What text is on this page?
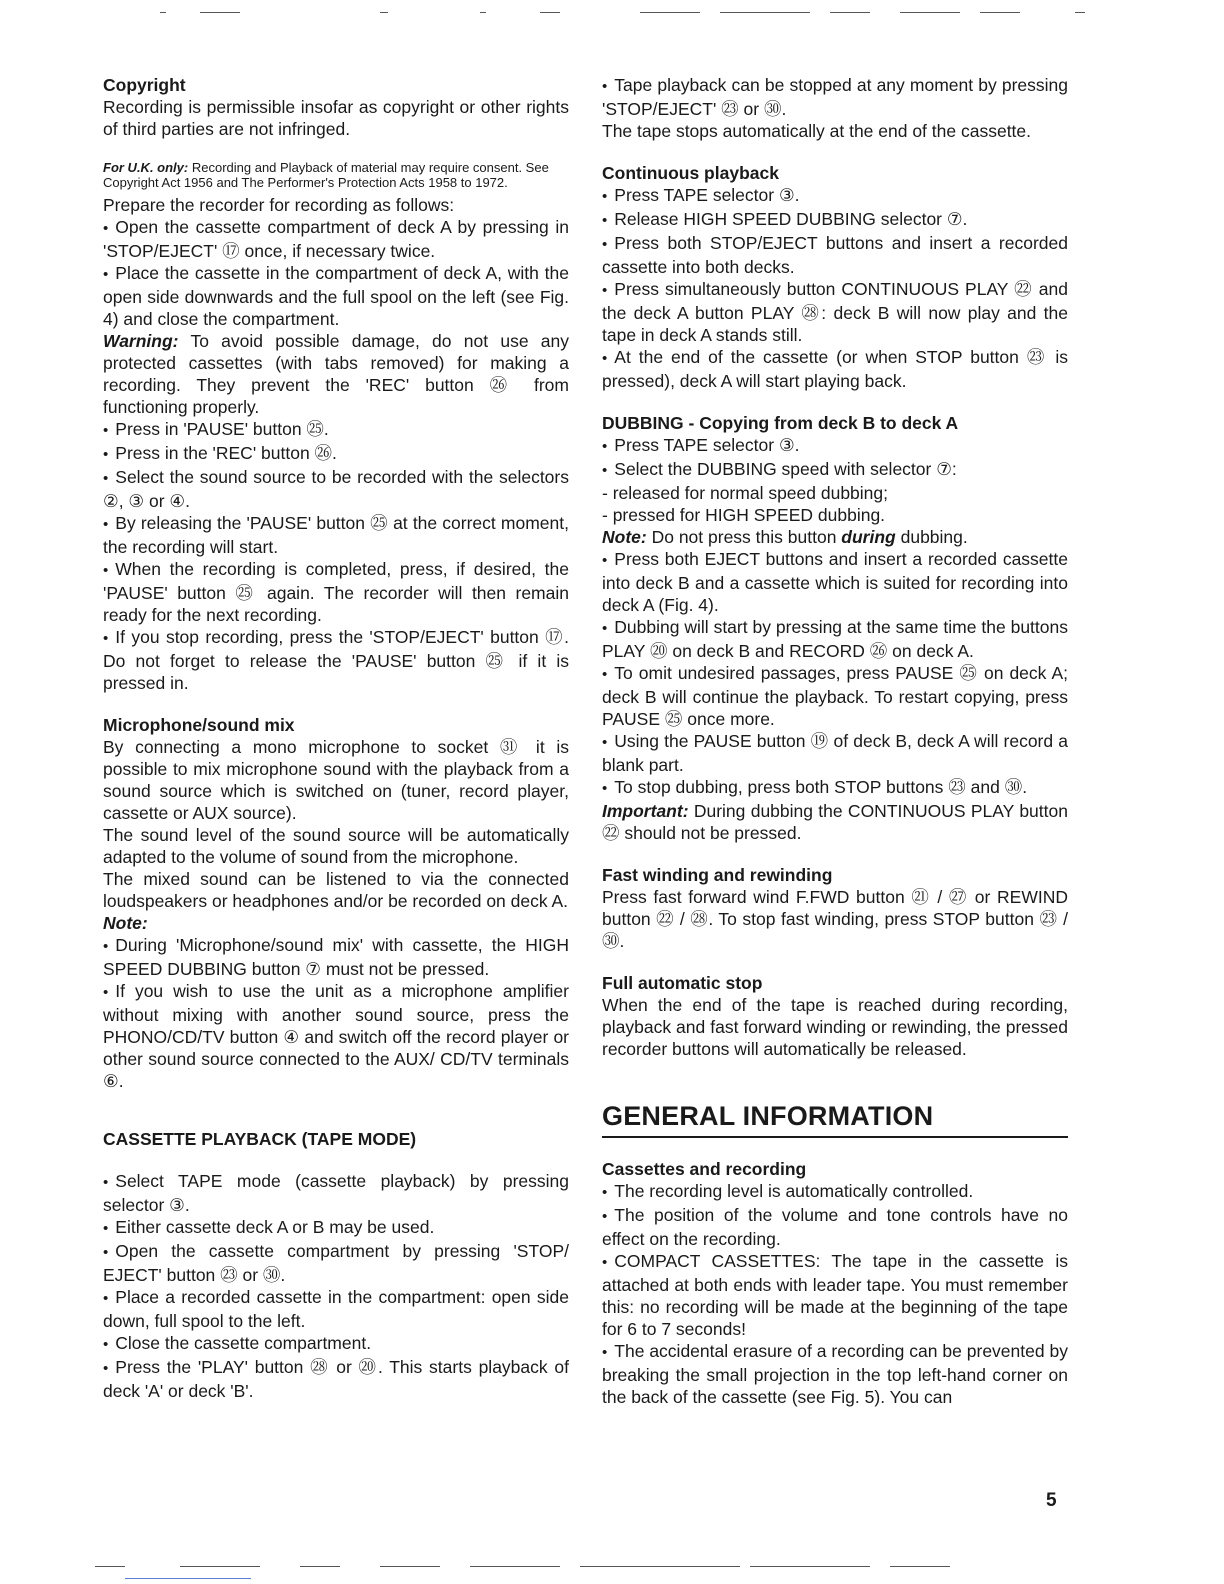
Copyright

Recording is permissible insofar as copyright or other rights of third parties are not infringed.

For U.K. only: Recording and Playback of material may require consent. See Copyright Act 1956 and The Performer's Protection Acts 1958 to 1972.

Prepare the recorder for recording as follows:

• Open the cassette compartment of deck A by pressing in 'STOP/EJECT' ⑰ once, if necessary twice.

• Place the cassette in the compartment of deck A, with the open side downwards and the full spool on the left (see Fig. 4) and close the compartment.

Warning: To avoid possible damage, do not use any protected cassettes (with tabs removed) for making a recording. They prevent the 'REC' button ㉖ from functioning properly.

• Press in 'PAUSE' button ㉕.

• Press in the 'REC' button ㉖.

• Select the sound source to be recorded with the selectors ②, ③ or ④.

• By releasing the 'PAUSE' button ㉕ at the correct moment, the recording will start.

• When the recording is completed, press, if desired, the 'PAUSE' button ㉕ again. The recorder will then remain ready for the next recording.

• If you stop recording, press the 'STOP/EJECT' button ⑰. Do not forget to release the 'PAUSE' button ㉕ if it is pressed in.

Microphone/sound mix

By connecting a mono microphone to socket ㉛ it is possible to mix microphone sound with the playback from a sound source which is switched on (tuner, record player, cassette or AUX source).

The sound level of the sound source will be automatically adapted to the volume of sound from the microphone.

The mixed sound can be listened to via the connected loudspeakers or headphones and/or be recorded on deck A.

Note:

• During 'Microphone/sound mix' with cassette, the HIGH SPEED DUBBING button ⑦ must not be pressed.

• If you wish to use the unit as a microphone amplifier without mixing with another sound source, press the PHONO/CD/TV button ④ and switch off the record player or other sound source connected to the AUX/ CD/TV terminals ⑥.

CASSETTE PLAYBACK (TAPE MODE)

• Select TAPE mode (cassette playback) by pressing selector ③.

• Either cassette deck A or B may be used.

• Open the cassette compartment by pressing 'STOP/ EJECT' button ㉓ or ㉚.

• Place a recorded cassette in the compartment: open side down, full spool to the left.

• Close the cassette compartment.

• Press the 'PLAY' button ㉘ or ⑳. This starts playback of deck 'A' or deck 'B'.

• Tape playback can be stopped at any moment by pressing 'STOP/EJECT' ㉓ or ㉚.

The tape stops automatically at the end of the cassette.

Continuous playback

• Press TAPE selector ③.

• Release HIGH SPEED DUBBING selector ⑦.

• Press both STOP/EJECT buttons and insert a recorded cassette into both decks.

• Press simultaneously button CONTINUOUS PLAY ㉒ and the deck A button PLAY ㉘: deck B will now play and the tape in deck A stands still.

• At the end of the cassette (or when STOP button ㉓ is pressed), deck A will start playing back.

DUBBING - Copying from deck B to deck A

• Press TAPE selector ③.

• Select the DUBBING speed with selector ⑦:

- released for normal speed dubbing;

- pressed for HIGH SPEED dubbing.

Note: Do not press this button during dubbing.

• Press both EJECT buttons and insert a recorded cassette into deck B and a cassette which is suited for recording into deck A (Fig. 4).

• Dubbing will start by pressing at the same time the buttons PLAY ⑳ on deck B and RECORD ㉖ on deck A.

• To omit undesired passages, press PAUSE ㉕ on deck A; deck B will continue the playback. To restart copying, press PAUSE ㉕ once more.

• Using the PAUSE button ⑲ of deck B, deck A will record a blank part.

• To stop dubbing, press both STOP buttons ㉓ and ㉚.

Important: During dubbing the CONTINUOUS PLAY button ㉒ should not be pressed.

Fast winding and rewinding

Press fast forward wind F.FWD button ㉑ / ㉗ or REWIND button ㉒ / ㉘. To stop fast winding, press STOP button ㉓ / ㉚.

Full automatic stop

When the end of the tape is reached during recording, playback and fast forward winding or rewinding, the pressed recorder buttons will automatically be released.

GENERAL INFORMATION

Cassettes and recording

• The recording level is automatically controlled.

• The position of the volume and tone controls have no effect on the recording.

• COMPACT CASSETTES: The tape in the cassette is attached at both ends with leader tape. You must remember this: no recording will be made at the beginning of the tape for 6 to 7 seconds!

• The accidental erasure of a recording can be prevented by breaking the small projection in the top left-hand corner on the back of the cassette (see Fig. 5). You can

5
